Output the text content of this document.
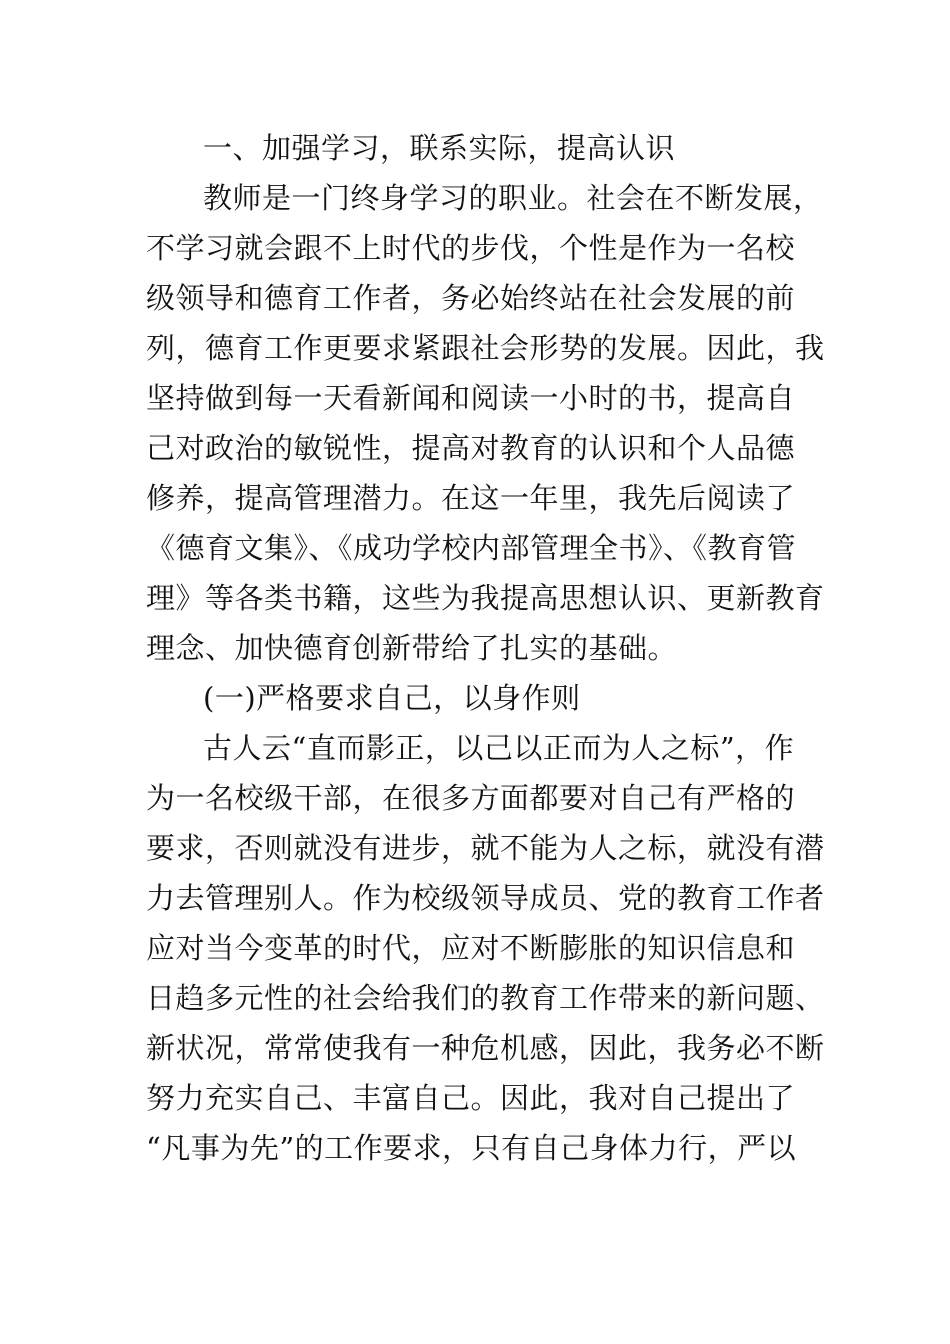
一、加强学习，联系实际，提高认识
教师是一门终身学习的职业。社会在不断发展，
不学习就会跟不上时代的步伐，个性是作为一名校
级领导和德育工作者，务必始终站在社会发展的前
列，德育工作更要求紧跟社会形势的发展。因此，我
坚持做到每一天看新闻和阅读一小时的书，提高自
己对政治的敏锐性，提高对教育的认识和个人品德
修养，提高管理潜力。在这一年里，我先后阅读了
《德育文集》、《成功学校内部管理全书》、《教育管
理》等各类书籍，这些为我提高思想认识、更新教育
理念、加快德育创新带给了扎实的基础。
(一)严格要求自己，以身作则
古人云“直而影正，以己以正而为人之标”，作
为一名校级干部，在很多方面都要对自己有严格的
要求，否则就没有进步，就不能为人之标，就没有潜
力去管理别人。作为校级领导成员、党的教育工作者
应对当今变革的时代，应对不断膨胀的知识信息和
日趋多元性的社会给我们的教育工作带来的新问题、
新状况，常常使我有一种危机感，因此，我务必不断
努力充实自己、丰富自己。因此，我对自己提出了
“凡事为先”的工作要求，只有自己身体力行，严以
